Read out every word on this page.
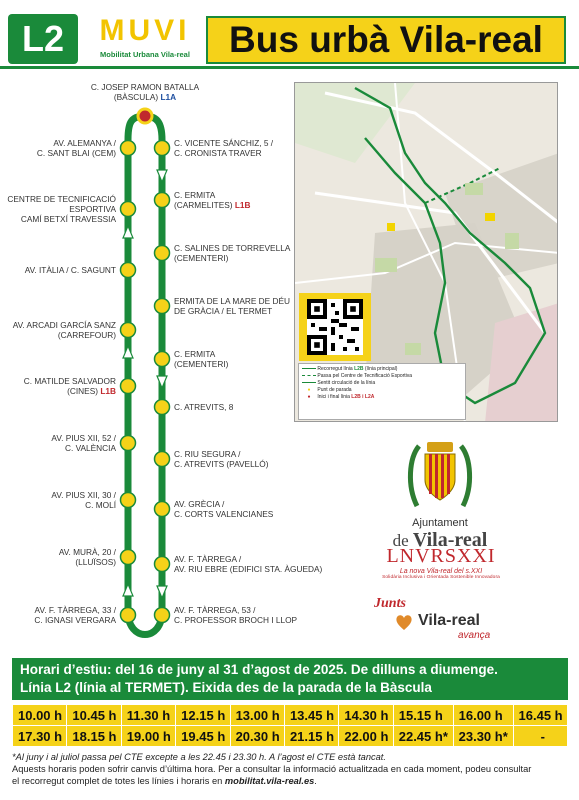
L2	MUVI
Mobilitat Urbana Vila-real	Bus urbà Vila-real
C. JOSEP RAMON BATALLA
(BÀSCULA) L1A
AV. ALEMANYA /
C. SANT BLAI (CEM)
CENTRE DE TECNIFICACIÓ
ESPORTIVA
CAMÍ BETXÍ TRAVESSIA
AV. ITÀLIA / C. SAGUNT
AV. ARCADI GARCÍA SANZ
(CARREFOUR)
C. MATILDE SALVADOR
(CINES) L1B
AV. PIUS XII, 52 /
C. VALÈNCIA
AV. PIUS XII, 30 /
C. MOLÍ
AV. MURÀ, 20 /
(LLUÏSOS)
AV. F. TÀRREGA, 33 /
C. IGNASI VERGARA
C. VICENTE SÁNCHIZ, 5 /
C. CRONISTA TRAVER
C. ERMITA
(CARMELITES) L1B
C. SALINES DE TORREVELLA
(CEMENTERI)
ERMITA DE LA MARE DE DÉU
DE GRÀCIA / EL TERMET
C. ERMITA
(CEMENTERI)
C. ATREVITS, 8
C. RIU SEGURA /
C. ATREVITS (PAVELLÓ)
AV. GRÈCIA /
C. CORTS VALENCIANES
AV. F. TÀRREGA /
AV. RIU EBRE (EDIFICI STA. ÀGUEDA)
AV. F. TÀRREGA, 53 /
C. PROFESSOR BROCH I LLOP
Recorregut línia L2B (línia principal)
Passa pel Centre de Tecnificació Esportiva
Sentit circulació de la línia
● Punt de parada
● Inici i final línia L2B i L2A
Ajuntament
de Vila-real
LNVRSXXI
La nova Vila-real del s.XXI
Solidària Inclusiva i Orientada Sostenible Innovadora
Junts
Vila-real
avança
Horari d’estiu: del 16 de juny al 31 d’agost de 2025. De dilluns a diumenge.
Línia L2 (línia al TERMET). Eixida des de la parada de la Bàscula
10.00 h	10.45 h	11.30 h	12.15 h	13.00 h	13.45 h	14.30 h	15.15 h	16.00 h	16.45 h
17.30 h	18.15 h	19.00 h	19.45 h	20.30 h	21.15 h	22.00 h	22.45 h*	23.30 h*	-
*Al juny i al juliol passa pel CTE excepte a les 22.45 i 23.30 h. A l’agost el CTE està tancat.
Aquests horaris poden sofrir canvis d’última hora. Per a consultar la informació actualitzada en cada moment, podeu consultar
el recorregut complet de totes les línies i horaris en mobilitat.vila-real.es.
